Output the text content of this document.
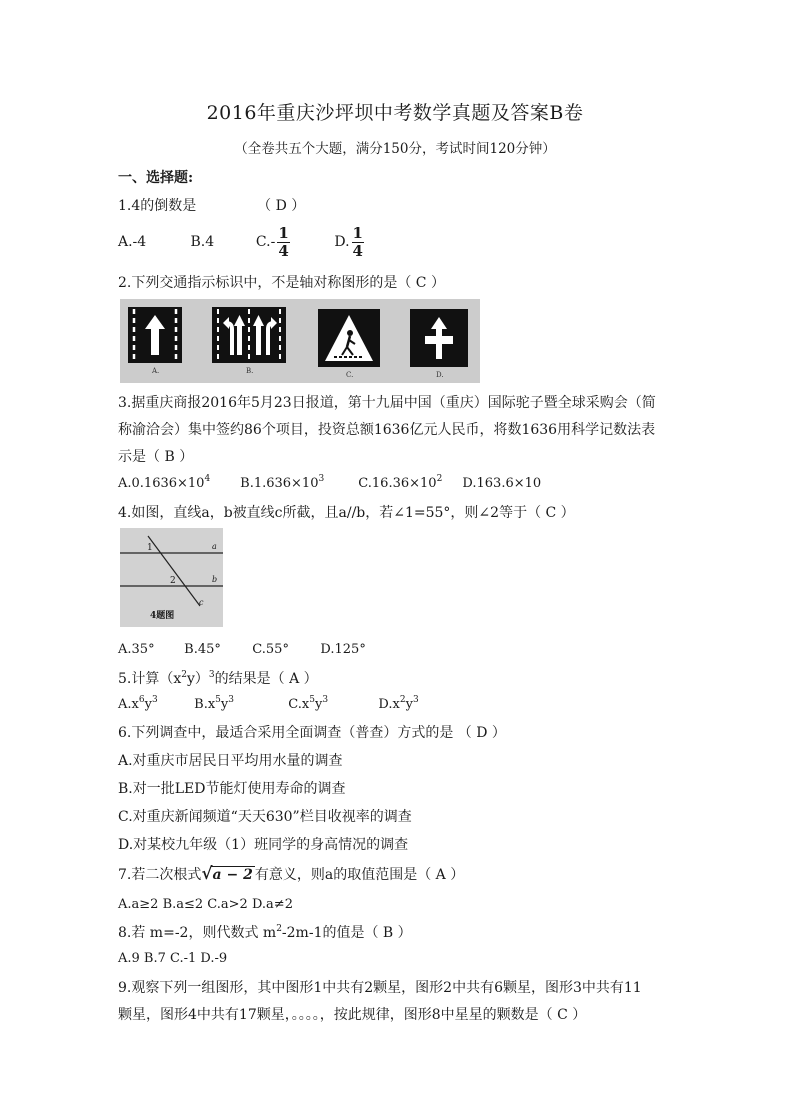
2016年重庆沙坪坝中考数学真题及答案B卷
（全卷共五个大题，满分150分，考试时间120分钟）
一、选择题:
1.4的倒数是	（ D ）
A.-4	B.4	$C.- \frac{1}{4}$	D. $\frac{1}{4}$
2.下列交通指示标识中，不是轴对称图形的是（ C ）
A.	B.	C.	D.
3.据重庆商报2016年5月23日报道，第十九届中国（重庆）国际驼子暨全球采购会（简
称渝洽会）集中签约86个项目，投资总额1636亿元人民币，将数1636用科学记数法表
示是（ B ）
$A.0.1636\times 10^4$ $B.1.636\times 10^3$	$C.16.36\times 10^2$ D.163.6×10
4.如图，直线a，b被直线c所截，且a//b，若∠1=55°，则∠2等于（ C ）
1
2
a
b
c
4题图
A.35° B.45° C.55° D.125°
5.计算$(x^2y)^3$的结果是（ A ）
$A.x^6y^3$	$B.x^5y^3$	$C.x^5y^3$	$D.x^2y^3$
6.下列调查中，最适合采用全面调查（普查）方式的是 （ D ）
A.对重庆市居民日平均用水量的调查
B.对一批LED节能灯使用寿命的调查
C.对重庆新闻频道“天天630”栏目收视率的调查
D.对某校九年级（1）班同学的身高情况的调查
7.若二次根式√a − 2 有意义，则a的取值范围是（ A ）
A.a≥2 B.a≤2 C.a>2 D.a≠2
8.若 m=-2，则代数式 $m^2-2m-1$的值是（ B ）
A.9 B.7 C.-1 D.-9
9.观察下列一组图形，其中图形1中共有2颗星，图形2中共有6颗星，图形3中共有11
颗星，图形4中共有17颗星，。。。。，按此规律，图形8中星星的颗数是（ C ）
